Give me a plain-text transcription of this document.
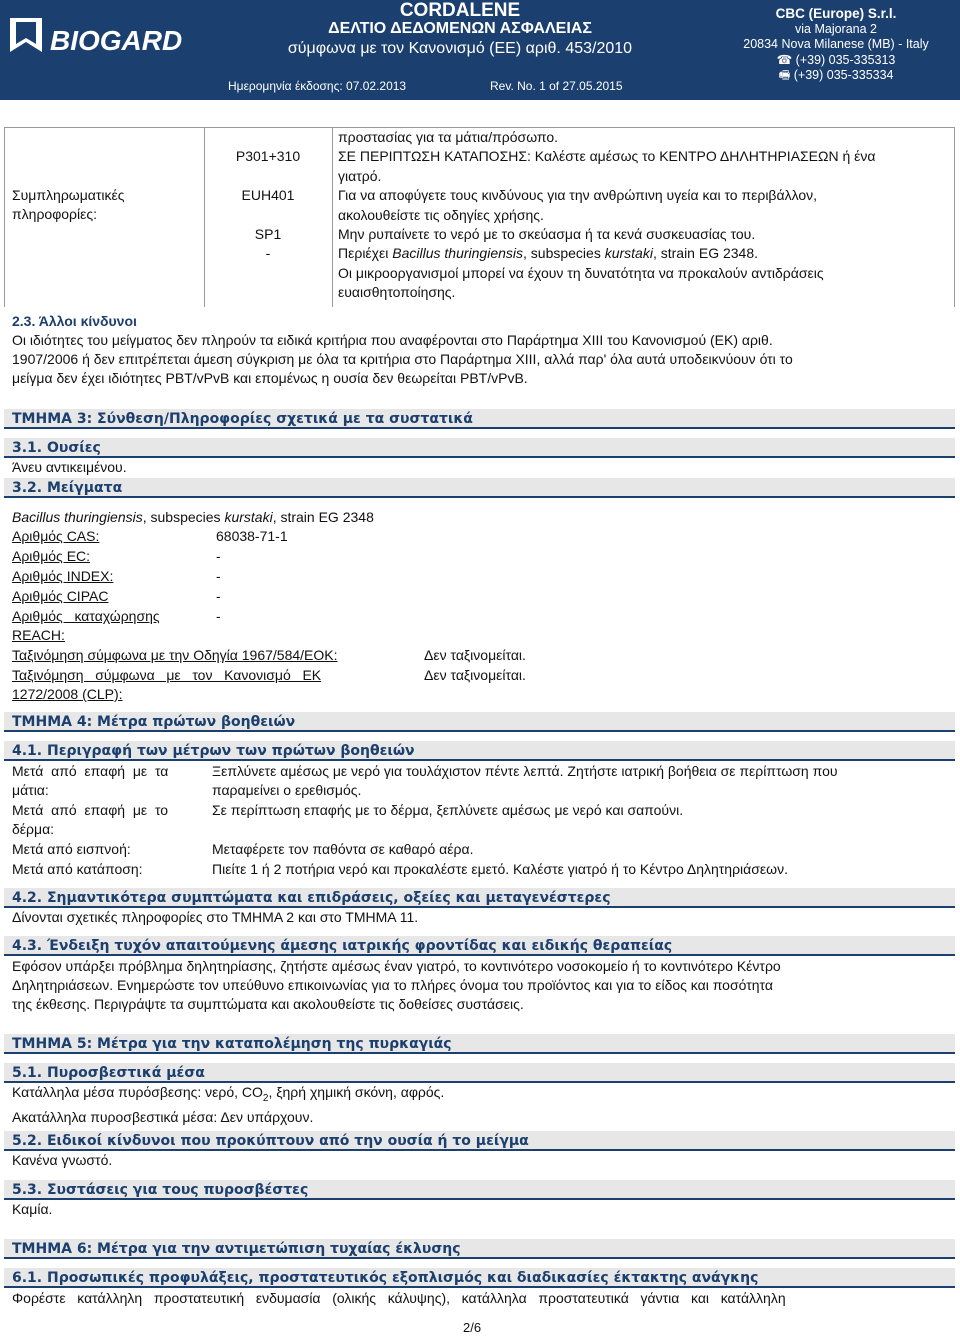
BIOGARD
CORDALENE
ΔΕΛΤΙΟ ΔΕΔΟΜΕΝΩΝ ΑΣΦΑΛΕΙΑΣ
σύμφωνα με τον Κανονισμό (ΕΕ) αριθ. 453/2010
CBC (Europe) S.r.l.
via Majorana 2
20834 Nova Milanese (MB) - Italy
☎ (+39) 035-335313
🖷 (+39) 035-335334
Ημερομηνία έκδοσης: 07.02.2013	Rev. No. 1 of 27.05.2015
Συμπληρωματικές
πληροφορίες:
προστασίας για τα μάτια/πρόσωπο.
P301+310	ΣΕ ΠΕΡΙΠΤΩΣΗ ΚΑΤΑΠΟΣΗΣ: Καλέστε αμέσως το ΚΕΝΤΡΟ ΔΗΛΗΤΗΡΙΑΣΕΩΝ ή ένα
γιατρό.
EUH401	Για να αποφύγετε τους κινδύνους για την ανθρώπινη υγεία και το περιβάλλον,
ακολουθείστε τις οδηγίες χρήσης.
SP1	Μην ρυπαίνετε το νερό με το σκεύασμα ή τα κενά συσκευασίας του.
-	Περιέχει Bacillus thuringiensis, subspecies kurstaki, strain EG 2348.
Οι μικροοργανισμοί μπορεί να έχουν τη δυνατότητα να προκαλούν αντιδράσεις
ευαισθητοποίησης.
2.3. Άλλοι κίνδυνοι
Οι ιδιότητες του μείγματος δεν πληρούν τα ειδικά κριτήρια που αναφέρονται στο Παράρτημα XIII του Κανονισμού (ΕΚ) αριθ.
1907/2006 ή δεν επιτρέπεται άμεση σύγκριση με όλα τα κριτήρια στο Παράρτημα XIII, αλλά παρ' όλα αυτά υποδεικνύουν ότι το
μείγμα δεν έχει ιδιότητες PBT/vPvB και επομένως η ουσία δεν θεωρείται PBT/vPvB.
ΤΜΗΜΑ 3: Σύνθεση/Πληροφορίες σχετικά με τα συστατικά
3.1. Ουσίες
Άνευ αντικειμένου.
3.2. Μείγματα
Bacillus thuringiensis, subspecies kurstaki, strain EG 2348
Αριθμός CAS:	68038-71-1
Αριθμός EC:	-
Αριθμός INDEX:	-
Αριθμός CIPAC	-
Αριθμός   καταχώρησης
REACH:
-
Ταξινόμηση σύμφωνα με την Οδηγία 1967/584/ΕΟΚ:	Δεν ταξινομείται.
Ταξινόμηση   σύμφωνα   με   τον   Κανονισμό   ΕΚ
1272/2008 (CLP):
Δεν ταξινομείται.
ΤΜΗΜΑ 4: Μέτρα πρώτων βοηθειών
4.1. Περιγραφή των μέτρων των πρώτων βοηθειών
Μετά  από  επαφή  με  τα
μάτια:
Ξεπλύνετε αμέσως με νερό για τουλάχιστον πέντε λεπτά. Ζητήστε ιατρική βοήθεια σε περίπτωση που
παραμείνει ο ερεθισμός.
Μετά  από  επαφή  με  το
δέρμα:
Σε περίπτωση επαφής με το δέρμα, ξεπλύνετε αμέσως με νερό και σαπούνι.
Μετά από εισπνοή:	Μεταφέρετε τον παθόντα σε καθαρό αέρα.
Μετά από κατάποση:	Πιείτε 1 ή 2 ποτήρια νερό και προκαλέστε εμετό. Καλέστε γιατρό ή το Κέντρο Δηλητηριάσεων.
4.2. Σημαντικότερα συμπτώματα και επιδράσεις, οξείες και μεταγενέστερες
Δίνονται σχετικές πληροφορίες στο ΤΜΗΜΑ 2 και στο ΤΜΗΜΑ 11.
4.3. Ένδειξη τυχόν απαιτούμενης άμεσης ιατρικής φροντίδας και ειδικής θεραπείας
Εφόσον υπάρξει πρόβλημα δηλητηρίασης, ζητήστε αμέσως έναν γιατρό, το κοντινότερο νοσοκομείο ή το κοντινότερο Κέντρο
Δηλητηριάσεων. Ενημερώστε τον υπεύθυνο επικοινωνίας για το πλήρες όνομα του προϊόντος και για το είδος και ποσότητα
της έκθεσης. Περιγράψτε τα συμπτώματα και ακολουθείστε τις δοθείσες συστάσεις.
ΤΜΗΜΑ 5: Μέτρα για την καταπολέμηση της πυρκαγιάς
5.1. Πυροσβεστικά μέσα
Κατάλληλα μέσα πυρόσβεσης: νερό, $CO_2$, ξηρή χημική σκόνη, αφρός.
Ακατάλληλα πυροσβεστικά μέσα: Δεν υπάρχουν.
5.2. Ειδικοί κίνδυνοι που προκύπτουν από την ουσία ή το μείγμα
Κανένα γνωστό.
5.3. Συστάσεις για τους πυροσβέστες
Καμία.
ΤΜΗΜΑ 6: Μέτρα για την αντιμετώπιση τυχαίας έκλυσης
6.1. Προσωπικές προφυλάξεις, προστατευτικός εξοπλισμός και διαδικασίες έκτακτης ανάγκης
Φορέστε   κατάλληλη   προστατευτική   ενδυμασία   (ολικής   κάλυψης),   κατάλληλα   προστατευτικά   γάντια   και   κατάλληλη
2/6
